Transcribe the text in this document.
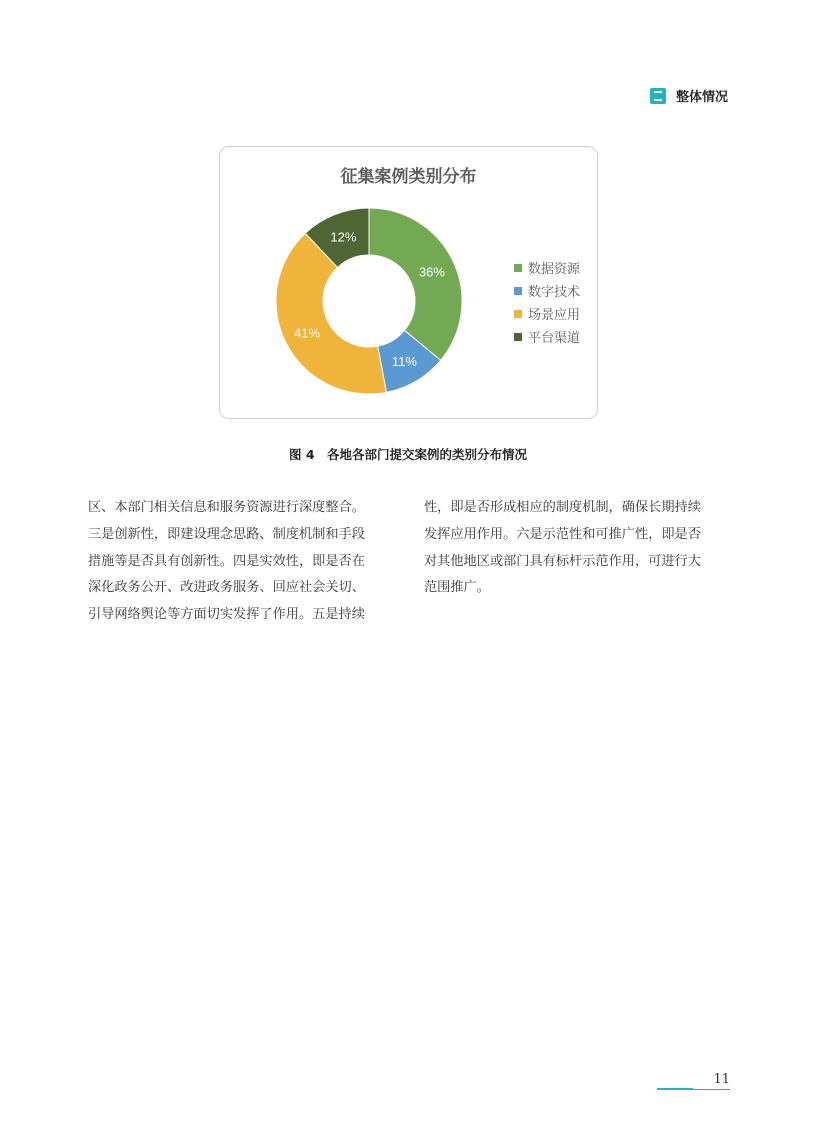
整体情况
征集案例类别分布
36%
11%
41%
12%
数据资源
数字技术
场景应用
平台渠道
图 4　各地各部门提交案例的类别分布情况
区、本部门相关信息和服务资源进行深度整合。
三是创新性，即建设理念思路、制度机制和手段
措施等是否具有创新性。四是实效性，即是否在
深化政务公开、改进政务服务、回应社会关切、
引导网络舆论等方面切实发挥了作用。五是持续
性，即是否形成相应的制度机制，确保长期持续
发挥应用作用。六是示范性和可推广性，即是否
对其他地区或部门具有标杆示范作用，可进行大
范围推广。
11
